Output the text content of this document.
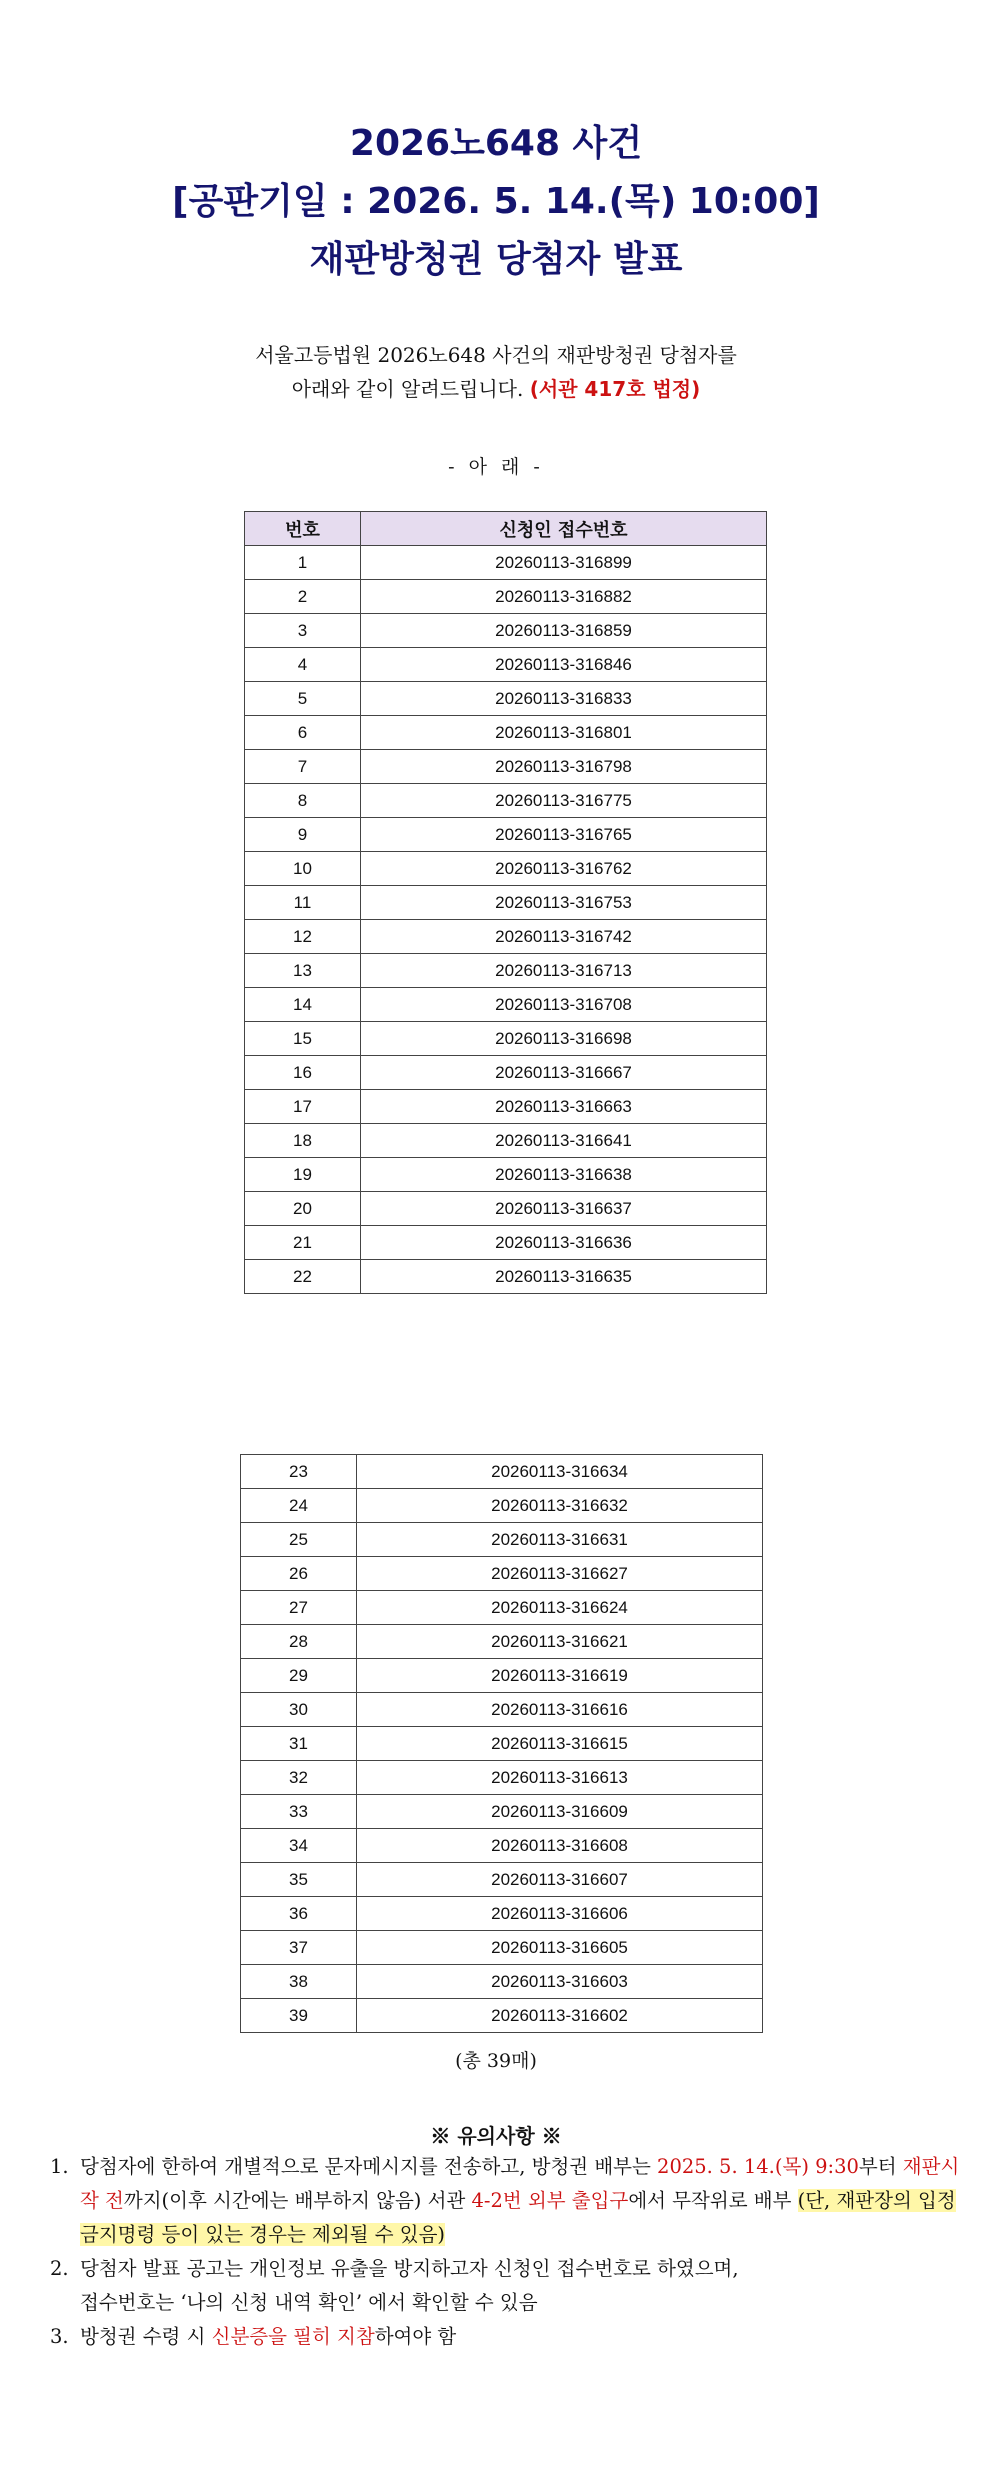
2026노648 사건

[공판기일 : 2026. 5. 14.(목) 10:00]

재판방청권 당첨자 발표

서울고등법원 2026노648 사건의 재판방청권 당첨자를
아래와 같이 알려드립니다. (서관 417호 법정)
- 아 래 -
번호	신청인 접수번호
1	20260113-316899
2	20260113-316882
3	20260113-316859
4	20260113-316846
5	20260113-316833
6	20260113-316801
7	20260113-316798
8	20260113-316775
9	20260113-316765
10	20260113-316762
11	20260113-316753
12	20260113-316742
13	20260113-316713
14	20260113-316708
15	20260113-316698
16	20260113-316667
17	20260113-316663
18	20260113-316641
19	20260113-316638
20	20260113-316637
21	20260113-316636
22	20260113-316635
23	20260113-316634
24	20260113-316632
25	20260113-316631
26	20260113-316627
27	20260113-316624
28	20260113-316621
29	20260113-316619
30	20260113-316616
31	20260113-316615
32	20260113-316613
33	20260113-316609
34	20260113-316608
35	20260113-316607
36	20260113-316606
37	20260113-316605
38	20260113-316603
39	20260113-316602
(총 39매)
※ 유의사항 ※
1. 당첨자에 한하여 개별적으로 문자메시지를 전송하고, 방청권 배부는 2025. 5. 14.(목) 9:30부터 재판시작 전까지(이후 시간에는 배부하지 않음) 서관 4-2번 외부 출입구에서 무작위로 배부 (단, 재판장의 입정금지명령 등이 있는 경우는 제외될 수 있음)
2. 당첨자 발표 공고는 개인정보 유출을 방지하고자 신청인 접수번호로 하였으며,
접수번호는 ‘나의 신청 내역 확인’ 에서 확인할 수 있음
3. 방청권 수령 시 신분증을 필히 지참하여야 함
